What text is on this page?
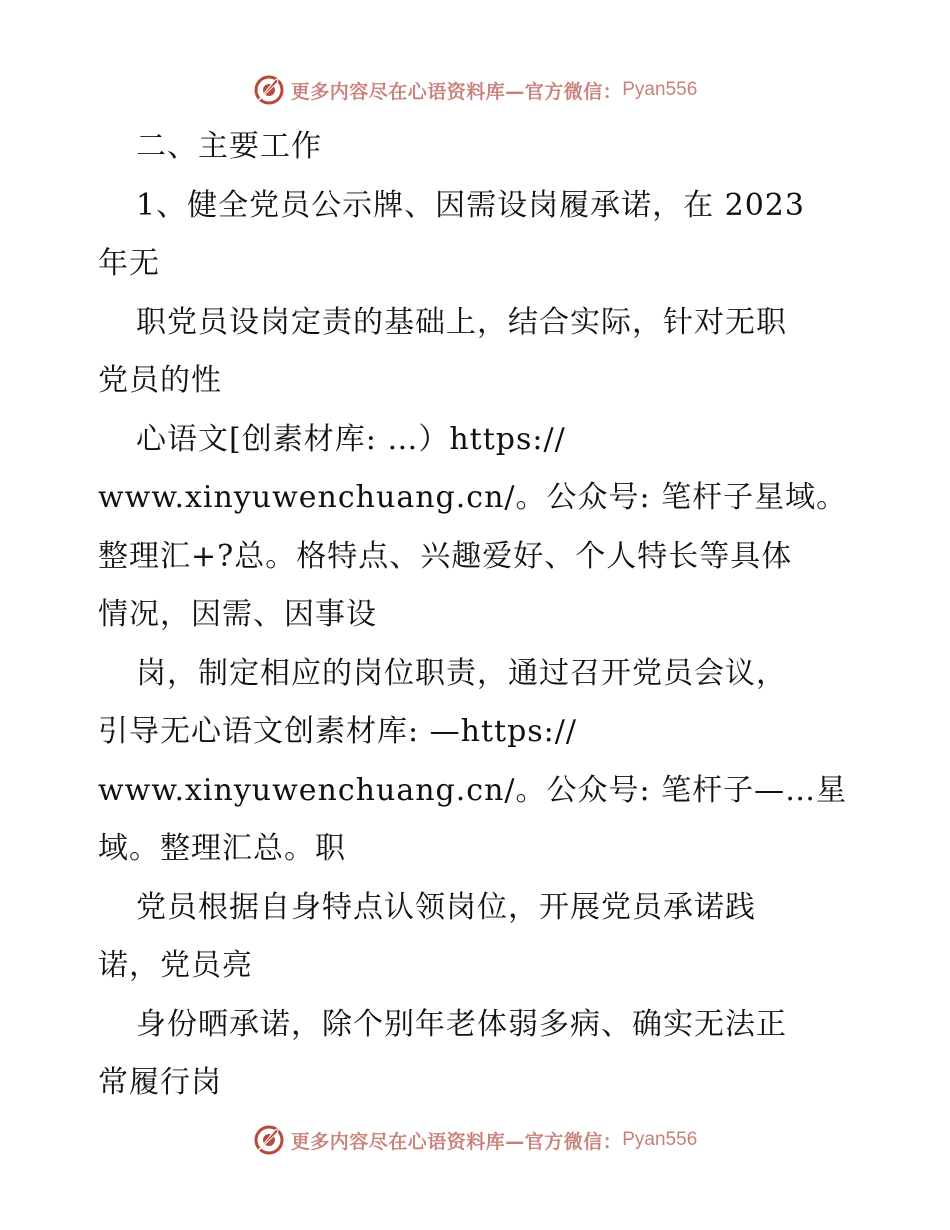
更多内容尽在心语资料库—官方微信： Pyan556
二、主要工作
1、健全党员公示牌、因需设岗履承诺，在 2023
年无
职党员设岗定责的基础上，结合实际，针对无职
党员的性
心语文[创素材库: …）https://
www.xinyuwenchuang.cn/。公众号: 笔杆子星域。
整理汇+?总。格特点、兴趣爱好、个人特长等具体
情况，因需、因事设
岗，制定相应的岗位职责，通过召开党员会议，
引导无心语文创素材库: —https://
www.xinyuwenchuang.cn/。公众号: 笔杆子—…星
域。整理汇总。职
党员根据自身特点认领岗位，开展党员承诺践
诺，党员亮
身份晒承诺，除个别年老体弱多病、确实无法正
常履行岗
更多内容尽在心语资料库—官方微信： Pyan556
